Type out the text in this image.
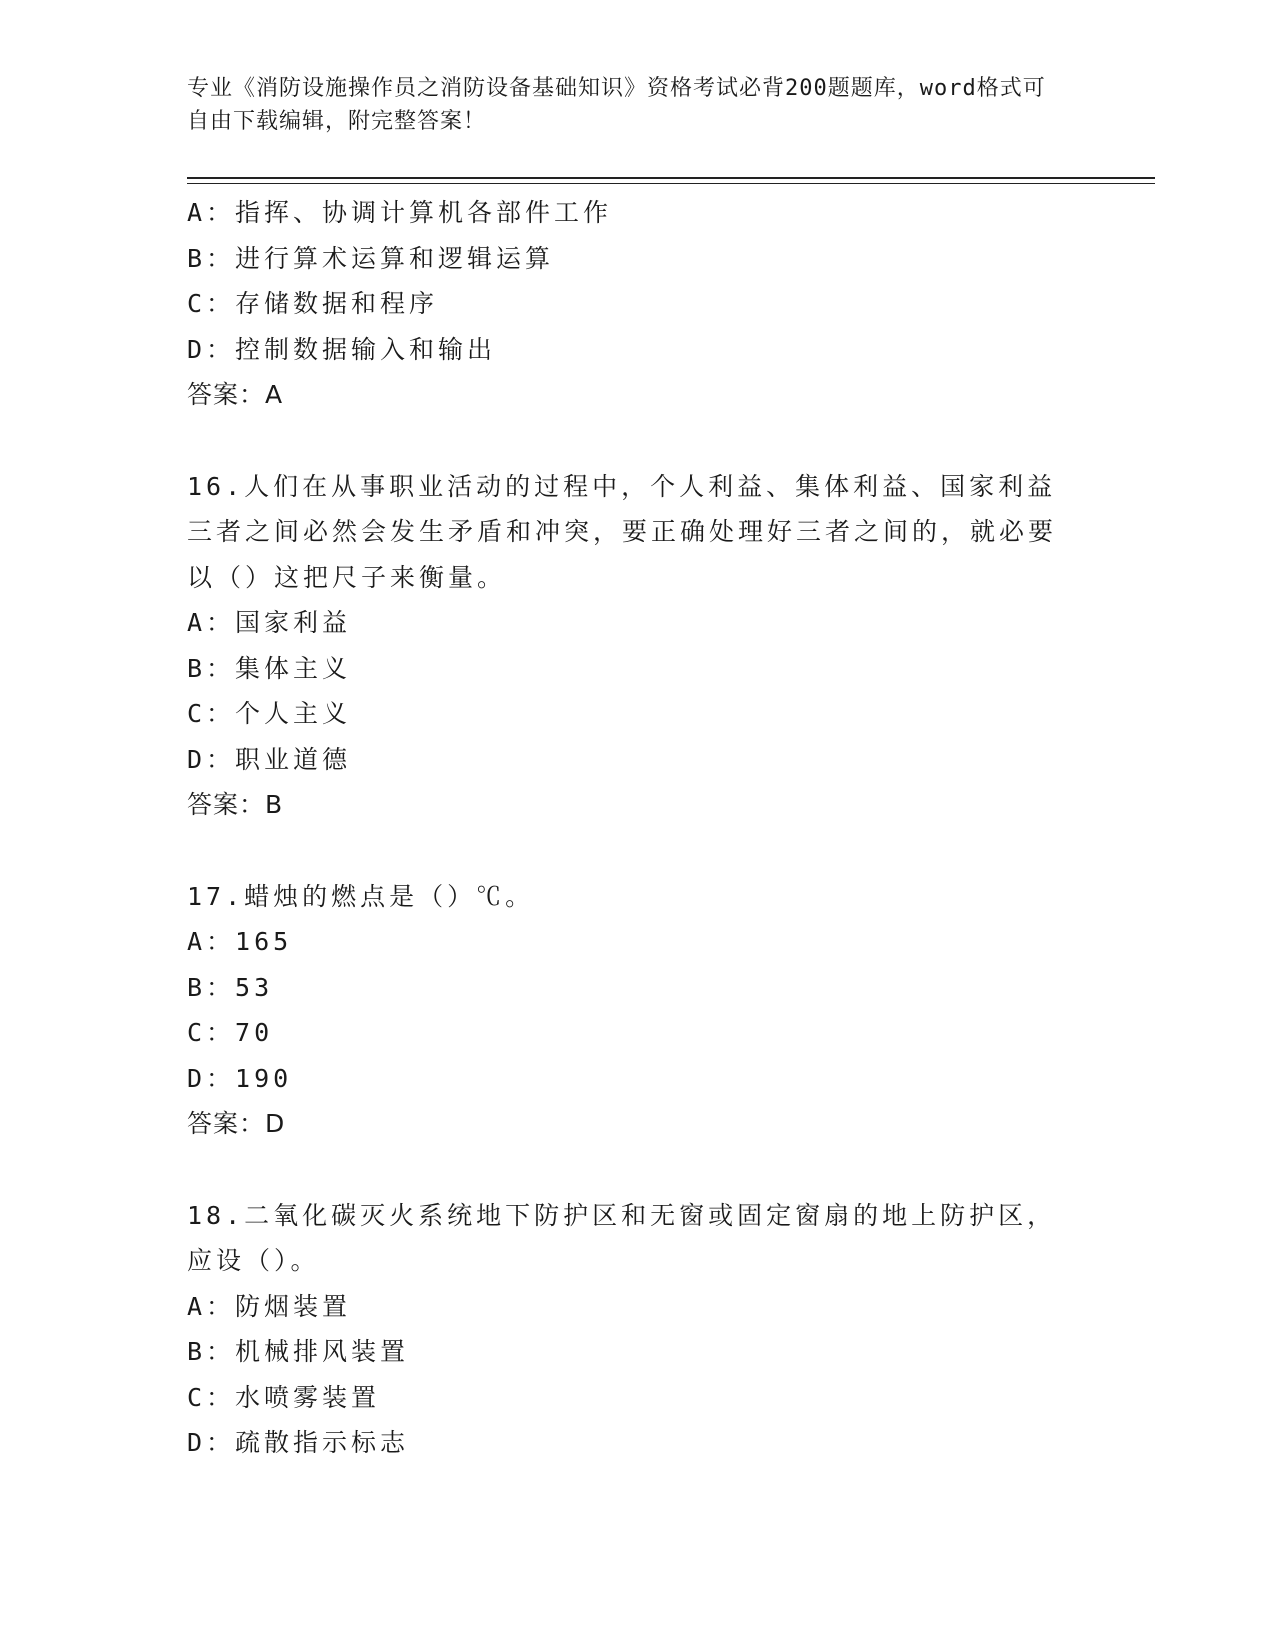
专业《消防设施操作员之消防设备基础知识》资格考试必背200题题库，word格式可自由下载编辑，附完整答案！
A：指挥、协调计算机各部件工作
B：进行算术运算和逻辑运算
C：存储数据和程序
D：控制数据输入和输出
答案：A
16.人们在从事职业活动的过程中，个人利益、集体利益、国家利益三者之间必然会发生矛盾和冲突，要正确处理好三者之间的，就必要以（）这把尺子来衡量。
A：国家利益
B：集体主义
C：个人主义
D：职业道德
答案：B
17.蜡烛的燃点是（）℃。
A：165
B：53
C：70
D：190
答案：D
18.二氧化碳灭火系统地下防护区和无窗或固定窗扇的地上防护区，应设（）。
A：防烟装置
B：机械排风装置
C：水喷雾装置
D：疏散指示标志
